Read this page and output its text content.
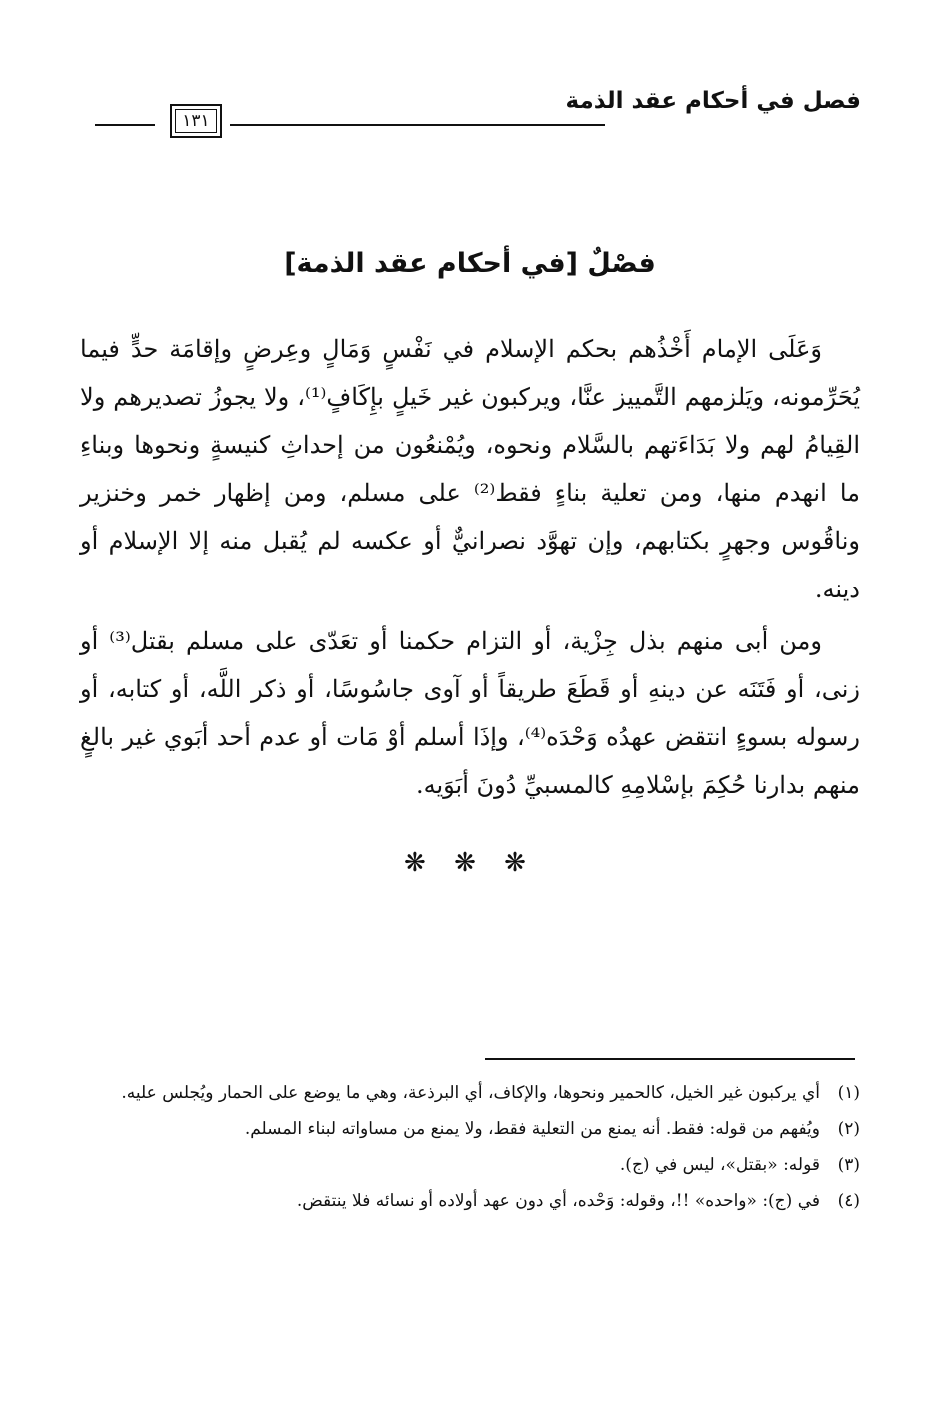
فصل في أحكام عقد الذمة
١٣١
فصْلٌ [في أحكام عقد الذمة]

وَعَلَى الإمام أَخْذُهم بحكم الإسلام في نَفْسٍ وَمَالٍ وعِرضٍ وإقامَة حدٍّ فيما يُحَرِّمونه، ويَلزمهم التَّمييز عنَّا، ويركبون غير خَيلٍ بإِكَافٍ⁽¹⁾، ولا يجوزُ تصديرهم ولا القِيامُ لهم ولا بَدَاءَتهم بالسَّلام ونحوه، ويُمْنعُون من إحداثِ كنيسةٍ ونحوها وبناءِ ما انهدم منها، ومن تعلية بناءٍ فقط⁽²⁾ على مسلم، ومن إظهار خمر وخنزير وناقُوس وجهرٍ بكتابهم، وإن تهوَّد نصرانيٌّ أو عكسه لم يُقبل منه إلا الإسلام أو دينه.

ومن أبى منهم بذل جِزْية، أو التزام حكمنا أو تعَدّى على مسلم بقتل⁽³⁾ أو زنى، أو فَتَنَه عن دينهِ أو قَطَعَ طريقاً أو آوى جاسُوسًا، أو ذكر اللَّه، أو كتابه، أو رسوله بسوءٍ انتقض عهدُه وَحْدَه⁽⁴⁾، وإذَا أسلم أوْ مَات أو عدم أحد أبَوي غير بالغٍ منهم بدارنا حُكِمَ بإسْلامِهِ كالمسبيِّ دُونَ أبَوَيه.

❋ ❋ ❋
(١)
أي يركبون غير الخيل، كالحمير ونحوها، والإكاف، أي البرذعة، وهي ما يوضع على الحمار ويُجلس عليه.
(٢)
ويُفهم من قوله: فقط. أنه يمنع من التعلية فقط، ولا يمنع من مساواته لبناء المسلم.
(٣)
قوله: «بقتل»، ليس في (ج).
(٤)
في (ج): «واحده» !!، وقوله: وَحْده، أي دون عهد أولاده أو نسائه فلا ينتقض.
